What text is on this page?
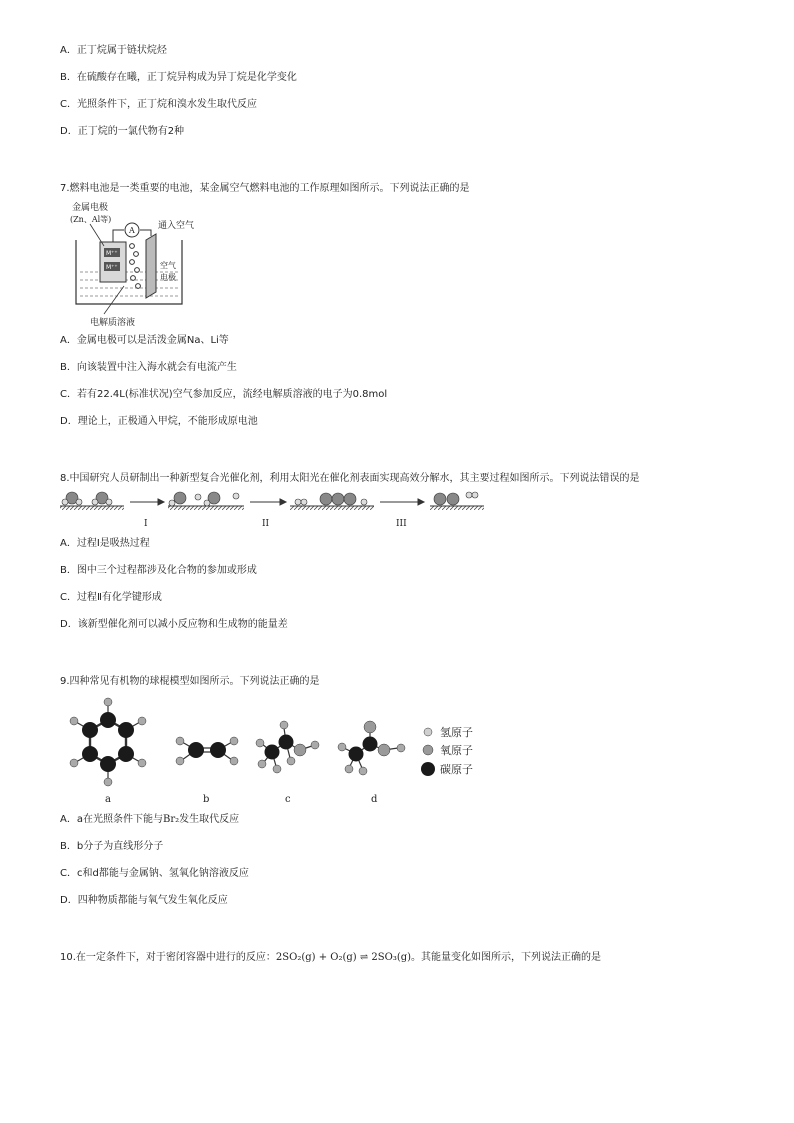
A．正丁烷属于链状烷烃
B．在硫酸存在曦，正丁烷异构成为异丁烷是化学变化
C．光照条件下，正丁烷和溴水发生取代反应
D．正丁烷的一氯代物有2种
7.燃料电池是一类重要的电池，某金属空气燃料电池的工作原理如图所示。下列说法正确的是
M⁺⁺
M⁺⁺
A
金属电极
(Zn、Al等)
通入空气
空气
电极
电解质溶液
A．金属电极可以是活泼金属Na、Li等
B．向该装置中注入海水就会有电流产生
C．若有22.4L(标准状况)空气参加反应，流经电解质溶液的电子为0.8mol
D．理论上，正极通入甲烷，不能形成原电池
8.中国研究人员研制出一种新型复合光催化剂，利用太阳光在催化剂表面实现高效分解水，其主要过程如图所示。下列说法错误的是
I	II	III
A．过程I是吸热过程
B．图中三个过程都涉及化合物的参加或形成
C．过程Ⅱ有化学键形成
D．该新型催化剂可以减小反应物和生成物的能量差
9.四种常见有机物的球棍模型如图所示。下列说法正确的是
氢原子
氧原子
碳原子
a	b	c	d
A．a在光照条件下能与Br₂发生取代反应
B．b分子为直线形分子
C．c和d都能与金属钠、氢氧化钠溶液反应
D．四种物质都能与氧气发生氧化反应
10.在一定条件下，对于密闭容器中进行的反应：2SO₂(g) + O₂(g) ⇌ 2SO₃(g)。其能量变化如图所示，下列说法正确的是
